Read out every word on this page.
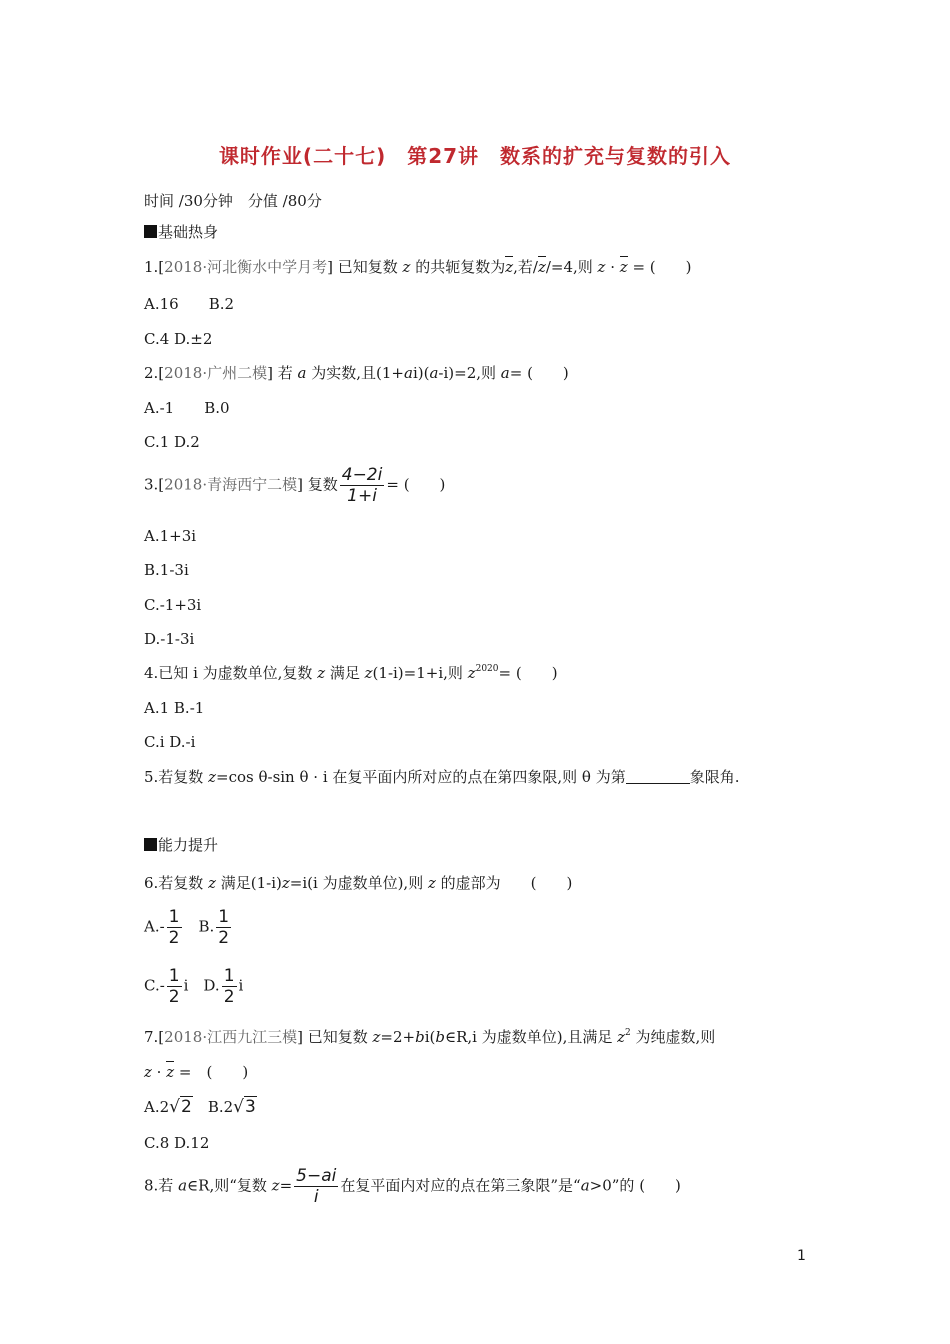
课时作业(二十七)　第27讲　数系的扩充与复数的引入
时间 /30分钟　分值 /80分
基础热身
1.[2018·河北衡水中学月考] 已知复数 z 的共轭复数为z,若/z/=4,则 z · z = (　　)
A.16　　 B.2
C.4 D.±2
2.[2018·广州二模] 若 a 为实数,且(1+ai)(a-i)=2,则 a= (　　)
A.-1　　B.0
C.1 D.2
3.[2018·青海西宁二模] 复数 $\frac{4-2i}{1+i}$ = (　　)
A.1+3i
B.1-3i
C.-1+3i
D.-1-3i
4.已知 i 为虚数单位,复数 z 满足 z(1-i)=1+i,则 $z^{2020}=$ (　　)
A.1 B.-1
C.i D.-i
5.若复数 z=cos θ-sin θ · i 在复平面内所对应的点在第四象限,则 θ 为第	象限角.
能力提升
6.若复数 z 满足(1-i)z=i(i 为虚数单位),则 z 的虚部为　　(　　)
$A.- \frac{1}{2}$ 　B. $\frac{1}{2}$
$C.- \frac{1}{2}$ i　D. $\frac{1}{2}$ i
7.[2018·江西九江三模] 已知复数 z=2+bi(b∈R,i 为虚数单位),且满足 $z^2$ 为纯虚数,则
z · z =　(　　)
A.2√2　B.2√3
C.8 D.12
8.若 a∈R,则“复数 $z= \frac{5-ai}{i}$ 在复平面内对应的点在第三象限”是“a>0”的 (　　)
1
